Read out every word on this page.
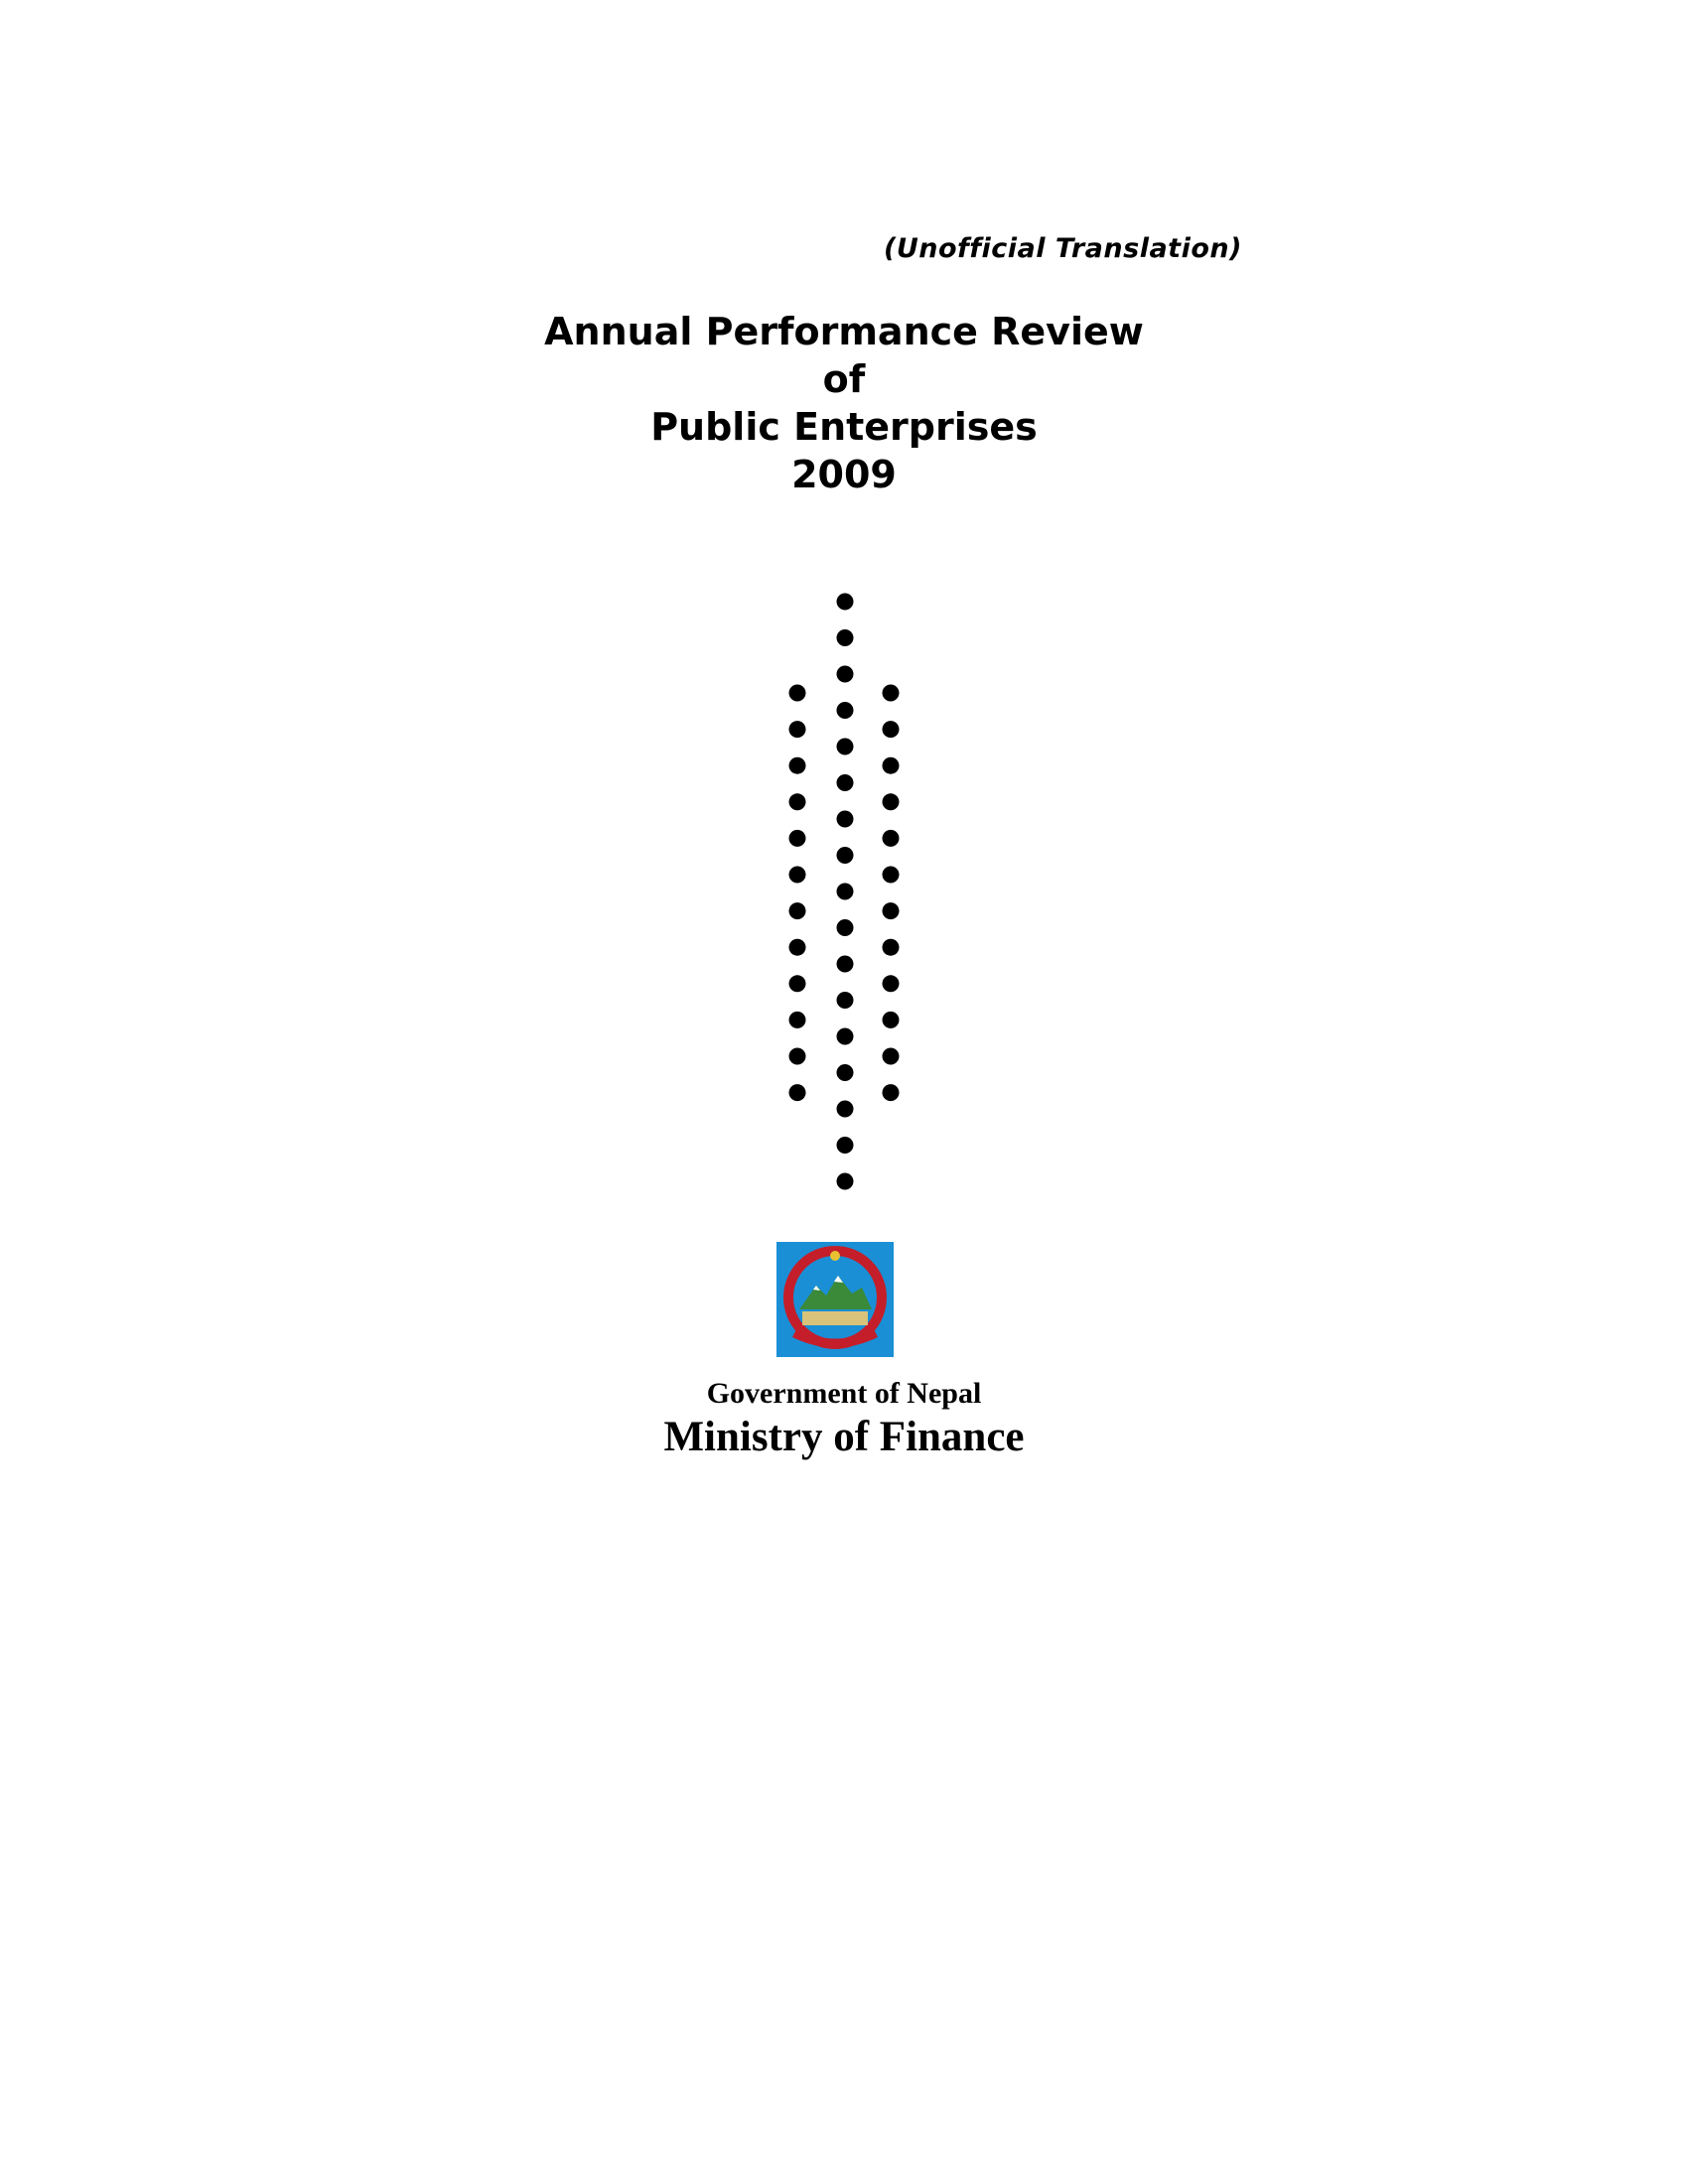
(Unofficial Translation)
Annual Performance Review
of
Public Enterprises
2009
Government of Nepal
Ministry of Finance
